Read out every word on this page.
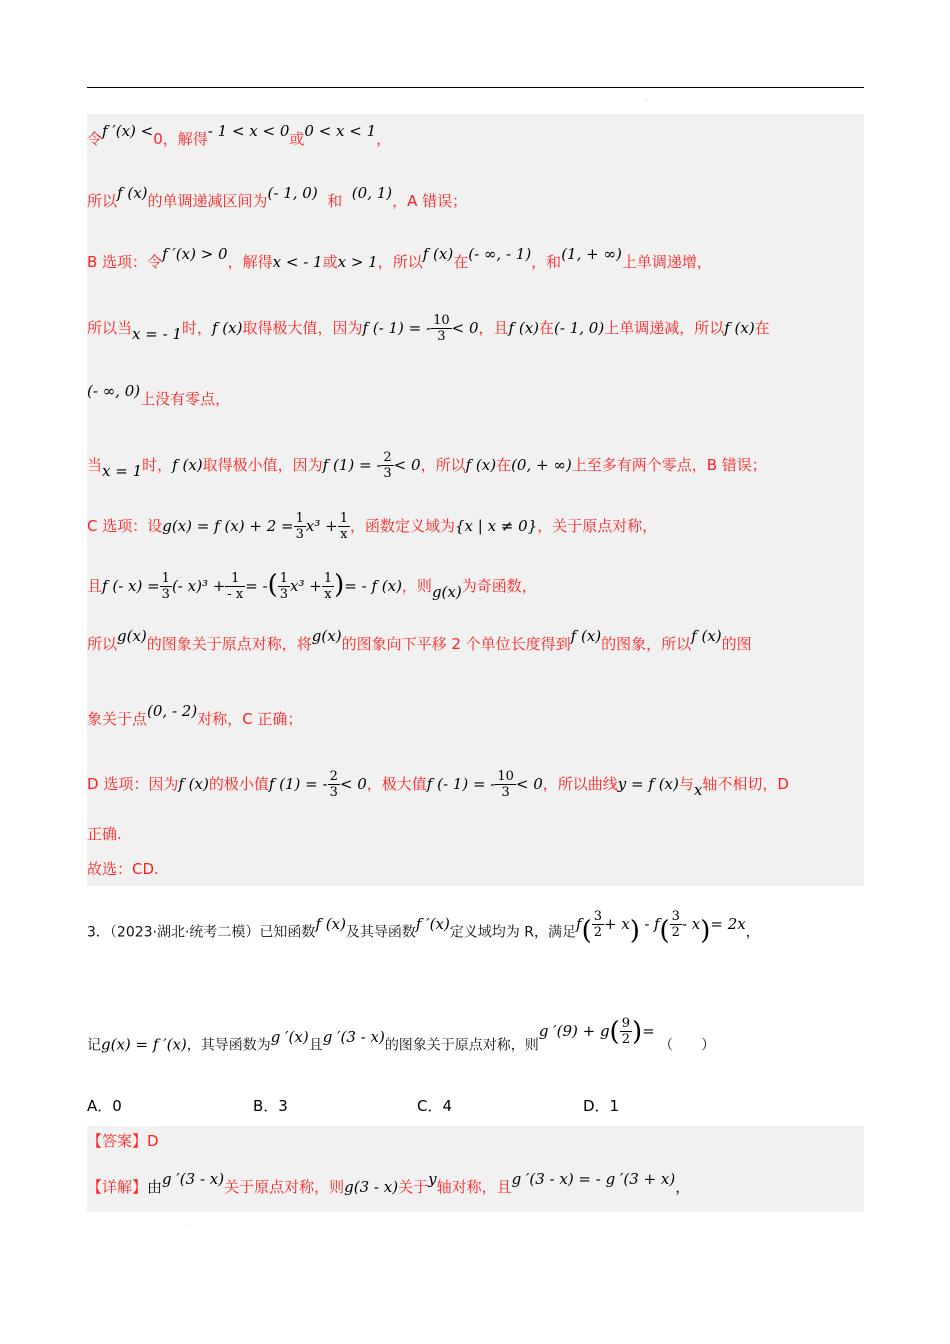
·
令f ′(x) <0，解得- 1 < x < 0或0 < x < 1，
所以f (x)的单调递减区间为(- 1, 0) 和 (0, 1)，A 错误；
B 选项：令f ′(x) > 0，解得x < - 1或x > 1，所以f (x)在(- ∞, - 1)，和(1, + ∞)上单调递增，
所以当x = - 1时，f (x)取得极大值，因为f (- 1) = - $\frac{10}{3} < 0$，且f (x)在(- 1, 0)上单调递减，所以f (x)在
(- ∞, 0)上没有零点，
当x = 1时，f (x)取得极小值，因为f (1) = - $\frac{2}{3} < 0$，所以f (x)在(0, + ∞)上至多有两个零点，B 错误；
C 选项：设g(x) = f $(x) + 2 = \frac{1}{3} x^3 + \frac{1}{x}$ ，函数定义域为{x | x ≠ 0}，关于原点对称，
且f (- $x) = \frac{1}{3}$ (- $x)^3 + \frac{1}{- x}$ = -( $\frac{1}{3} x^3 + \frac{1}{x}$ )= - f (x)，则g(x)为奇函数，
所以g(x)的图象关于原点对称，将g(x)的图象向下平移 2 个单位长度得到f (x)的图象，所以f (x)的图
象关于点(0, - 2)对称，C 正确；
D 选项：因为f (x)的极小值f (1) = - $\frac{2}{3} < 0$，极大值f (- 1) = - $\frac{10}{3} < 0$，所以曲线y = f (x)与x轴不相切，D
正确.
故选：CD.
3．（2023·湖北·统考二模）已知函数f (x)及其导函数f ′(x)定义域均为 R，满足$f( \frac{3}{2} + x) - f( \frac{3}{2} - x)= 2x$，
记g(x) = f ′(x)，其导函数为g ′(x)且g ′(3 - x)的图象关于原点对称，则g $'(9) + g( \frac{9}{2}$ )= （　　）
A．0	B．3	C．4	D．1
【答案】D
【详解】由g ′(3 - x)关于原点对称，则g(3 - x)关于y轴对称，且g ′(3 - x) = - g ′(3 + x)，
·
